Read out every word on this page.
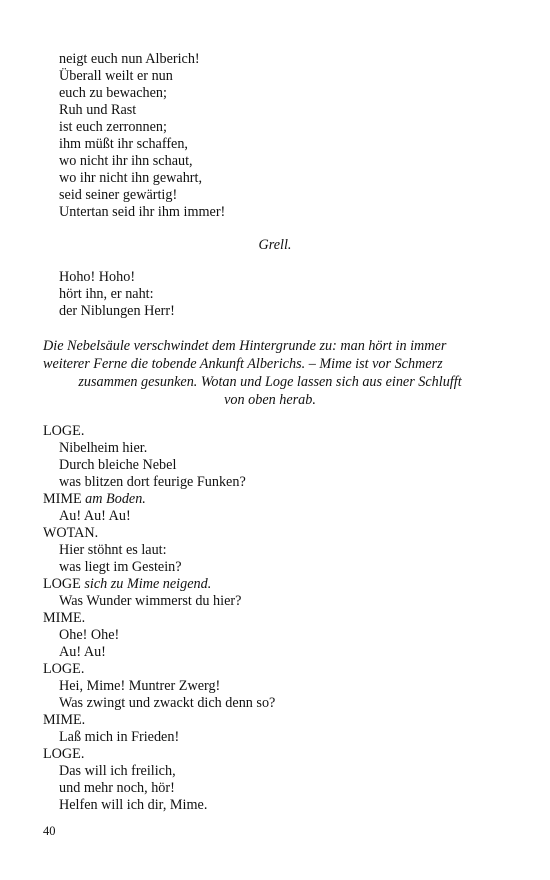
neigt euch nun Alberich!
Überall weilt er nun
euch zu bewachen;
Ruh und Rast
ist euch zerronnen;
ihm müßt ihr schaffen,
wo nicht ihr ihn schaut,
wo ihr nicht ihn gewahrt,
seid seiner gewärtig!
Untertan seid ihr ihm immer!
Grell.
Hoho! Hoho!
hört ihn, er naht:
der Niblungen Herr!
Die Nebelsäule verschwindet dem Hintergrunde zu: man hört in immer
weiterer Ferne die tobende Ankunft Alberichs. – Mime ist vor Schmerz
zusammen gesunken. Wotan und Loge lassen sich aus einer Schlufft
von oben herab.
LOGE.
Nibelheim hier.
Durch bleiche Nebel
was blitzen dort feurige Funken?
MIME am Boden.
Au! Au! Au!
WOTAN.
Hier stöhnt es laut:
was liegt im Gestein?
LOGE sich zu Mime neigend.
Was Wunder wimmerst du hier?
MIME.
Ohe! Ohe!
Au! Au!
LOGE.
Hei, Mime! Muntrer Zwerg!
Was zwingt und zwackt dich denn so?
MIME.
Laß mich in Frieden!
LOGE.
Das will ich freilich,
und mehr noch, hör!
Helfen will ich dir, Mime.
40
